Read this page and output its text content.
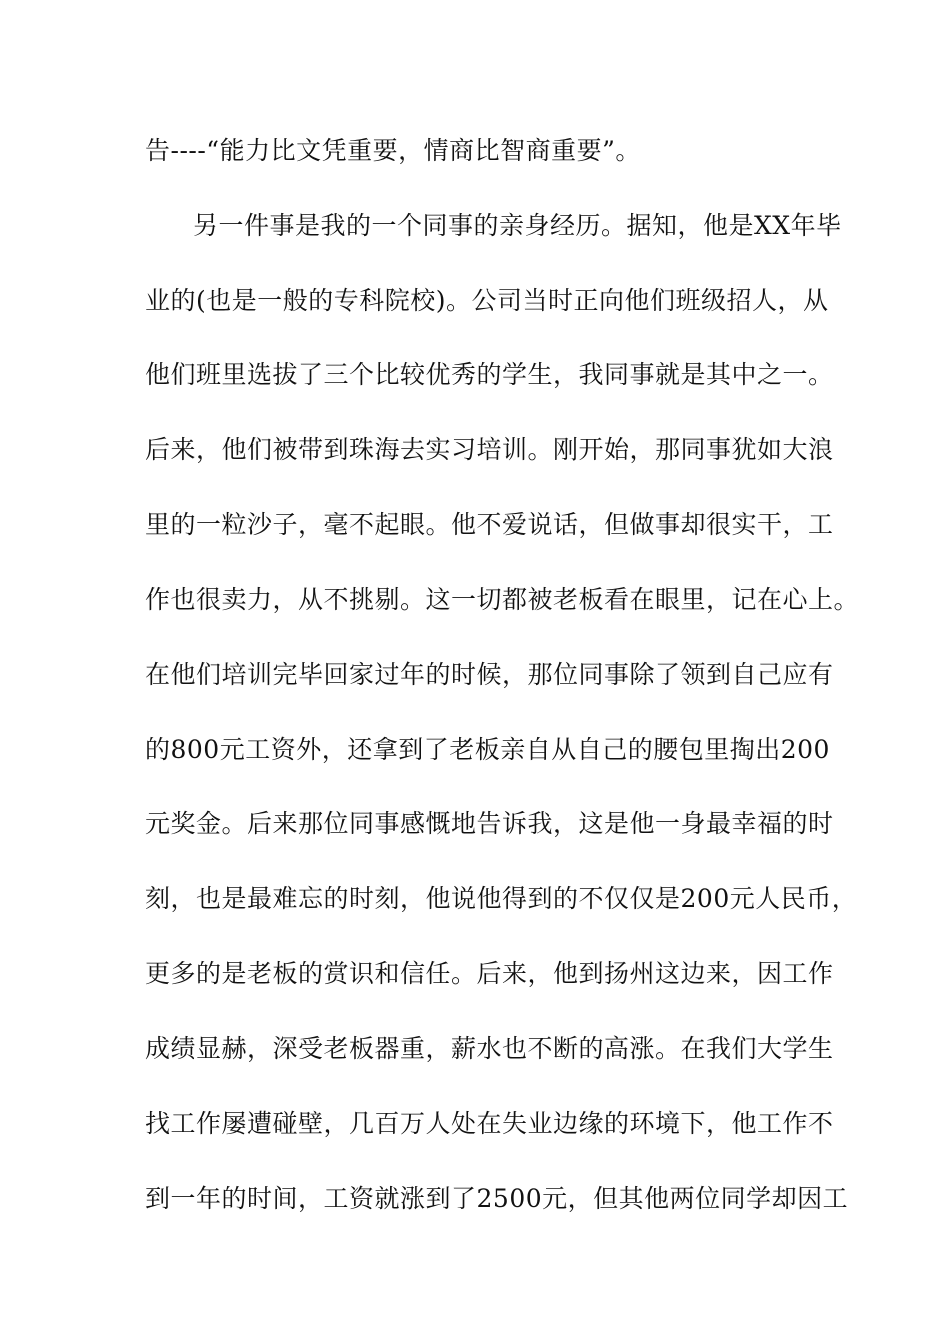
告----“能力比文凭重要，情商比智商重要”。
另一件事是我的一个同事的亲身经历。据知，他是XX年毕
业的(也是一般的专科院校)。公司当时正向他们班级招人，从
他们班里选拔了三个比较优秀的学生，我同事就是其中之一。
后来，他们被带到珠海去实习培训。刚开始，那同事犹如大浪
里的一粒沙子，毫不起眼。他不爱说话，但做事却很实干，工
作也很卖力，从不挑剔。这一切都被老板看在眼里，记在心上。
在他们培训完毕回家过年的时候，那位同事除了领到自己应有
的800元工资外，还拿到了老板亲自从自己的腰包里掏出200
元奖金。后来那位同事感慨地告诉我，这是他一身最幸福的时
刻，也是最难忘的时刻，他说他得到的不仅仅是200元人民币，
更多的是老板的赏识和信任。后来，他到扬州这边来，因工作
成绩显赫，深受老板器重，薪水也不断的高涨。在我们大学生
找工作屡遭碰壁，几百万人处在失业边缘的环境下，他工作不
到一年的时间，工资就涨到了2500元，但其他两位同学却因工
